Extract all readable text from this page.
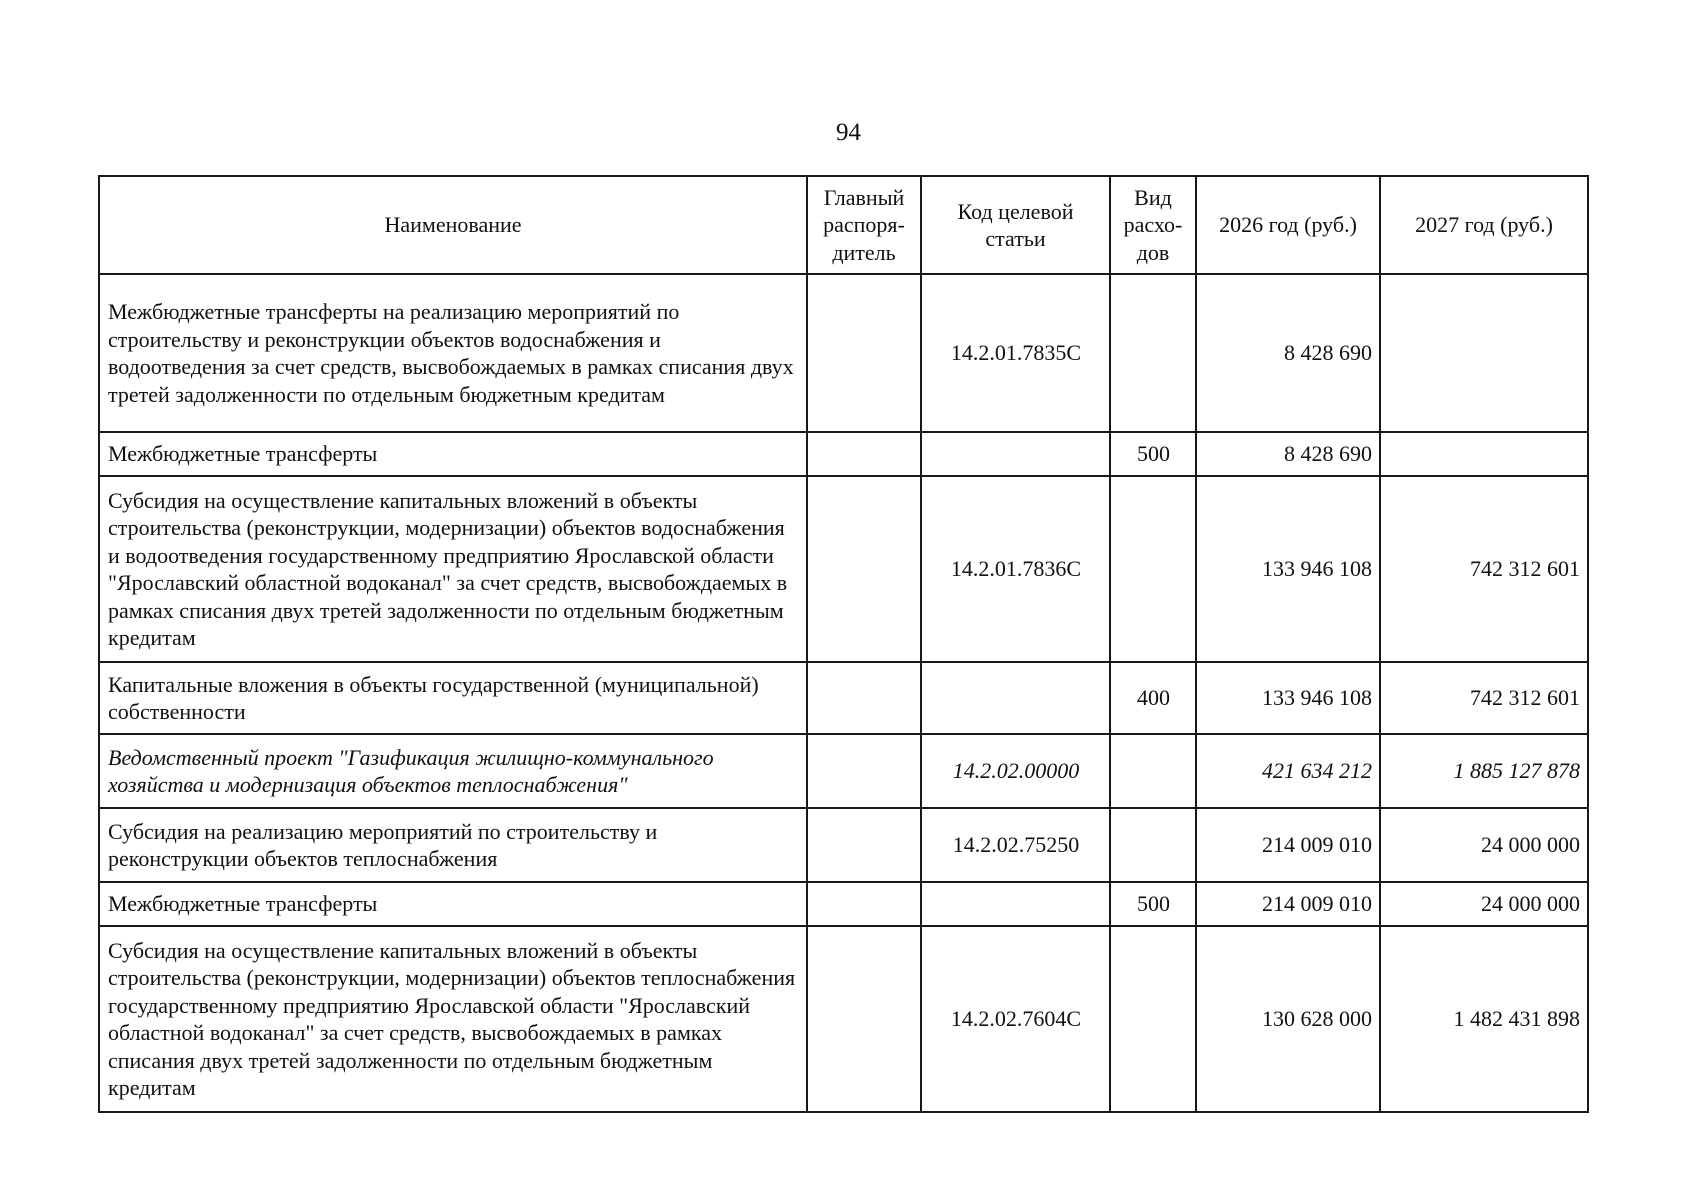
94
Наименование	Главный распоря-дитель	Код целевой статьи	Вид расхо-дов	2026 год (руб.)	2027 год (руб.)
Межбюджетные трансферты на реализацию мероприятий по строительству и реконструкции объектов водоснабжения и водоотведения за счет средств, высвобождаемых в рамках списания двух третей задолженности по отдельным бюджетным кредитам		14.2.01.7835С		8 428 690	
Межбюджетные трансферты			500	8 428 690	
Субсидия на осуществление капитальных вложений в объекты строительства (реконструкции, модернизации) объектов водоснабжения и водоотведения государственному предприятию Ярославской области "Ярославский областной водоканал" за счет средств, высвобождаемых в рамках списания двух третей задолженности по отдельным бюджетным кредитам		14.2.01.7836С		133 946 108	742 312 601
Капитальные вложения в объекты государственной (муниципальной) собственности			400	133 946 108	742 312 601
Ведомственный проект "Газификация жилищно-коммунального хозяйства и модернизация объектов теплоснабжения"		14.2.02.00000		421 634 212	1 885 127 878
Субсидия на реализацию мероприятий по строительству и реконструкции объектов теплоснабжения		14.2.02.75250		214 009 010	24 000 000
Межбюджетные трансферты			500	214 009 010	24 000 000
Субсидия на осуществление капитальных вложений в объекты строительства (реконструкции, модернизации) объектов теплоснабжения государственному предприятию Ярославской области "Ярославский областной водоканал" за счет средств, высвобождаемых в рамках списания двух третей задолженности по отдельным бюджетным кредитам		14.2.02.7604С		130 628 000	1 482 431 898
